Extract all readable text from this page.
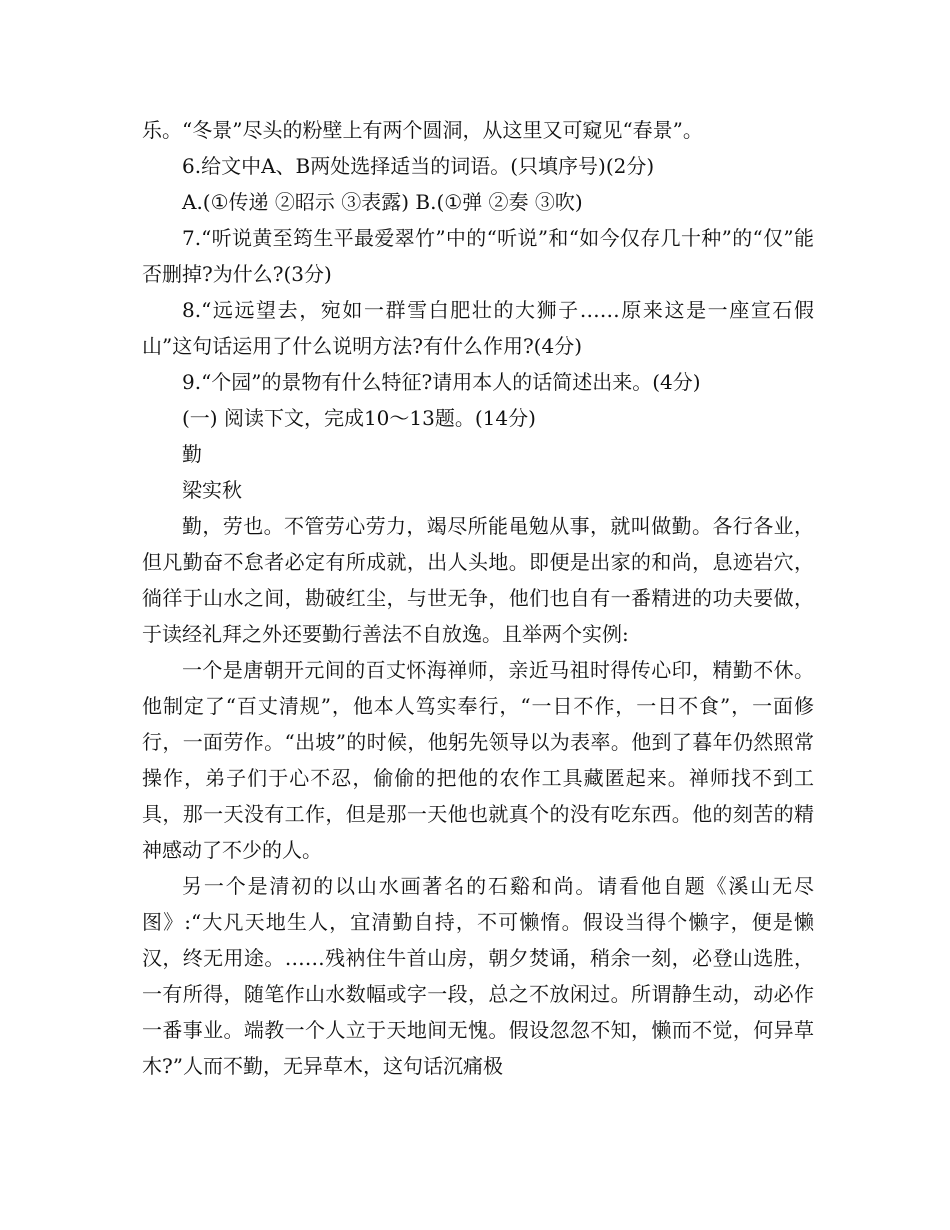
乐。“冬景”尽头的粉壁上有两个圆洞，从这里又可窥见“春景”。

6.给文中A、B两处选择适当的词语。(只填序号)(2分)

A.(①传递 ②昭示 ③表露) B.(①弹 ②奏 ③吹)

7.“听说黄至筠生平最爱翠竹”中的“听说”和“如今仅存几十种”的“仅”能否删掉?为什么?(3分)

8.“远远望去，宛如一群雪白肥壮的大狮子……原来这是一座宣石假山”这句话运用了什么说明方法?有什么作用?(4分)

9.“个园”的景物有什么特征?请用本人的话简述出来。(4分)

(一) 阅读下文，完成10～13题。(14分)

勤

梁实秋

勤，劳也。不管劳心劳力，竭尽所能黾勉从事，就叫做勤。各行各业，但凡勤奋不怠者必定有所成就，出人头地。即便是出家的和尚，息迹岩穴，徜徉于山水之间，勘破红尘，与世无争，他们也自有一番精进的功夫要做，于读经礼拜之外还要勤行善法不自放逸。且举两个实例:

一个是唐朝开元间的百丈怀海禅师，亲近马祖时得传心印，精勤不休。他制定了“百丈清规”，他本人笃实奉行，“一日不作，一日不食”，一面修行，一面劳作。“出坡”的时候，他躬先领导以为表率。他到了暮年仍然照常操作，弟子们于心不忍，偷偷的把他的农作工具藏匿起来。禅师找不到工具，那一天没有工作，但是那一天他也就真个的没有吃东西。他的刻苦的精神感动了不少的人。

另一个是清初的以山水画著名的石谿和尚。请看他自题《溪山无尽图》:“大凡天地生人，宜清勤自持，不可懒惰。假设当得个懒字，便是懒汉，终无用途。……残衲住牛首山房，朝夕焚诵，稍余一刻，必登山选胜，一有所得，随笔作山水数幅或字一段，总之不放闲过。所谓静生动，动必作一番事业。端教一个人立于天地间无愧。假设忽忽不知，懒而不觉，何异草木?”人而不勤，无异草木，这句话沉痛极
